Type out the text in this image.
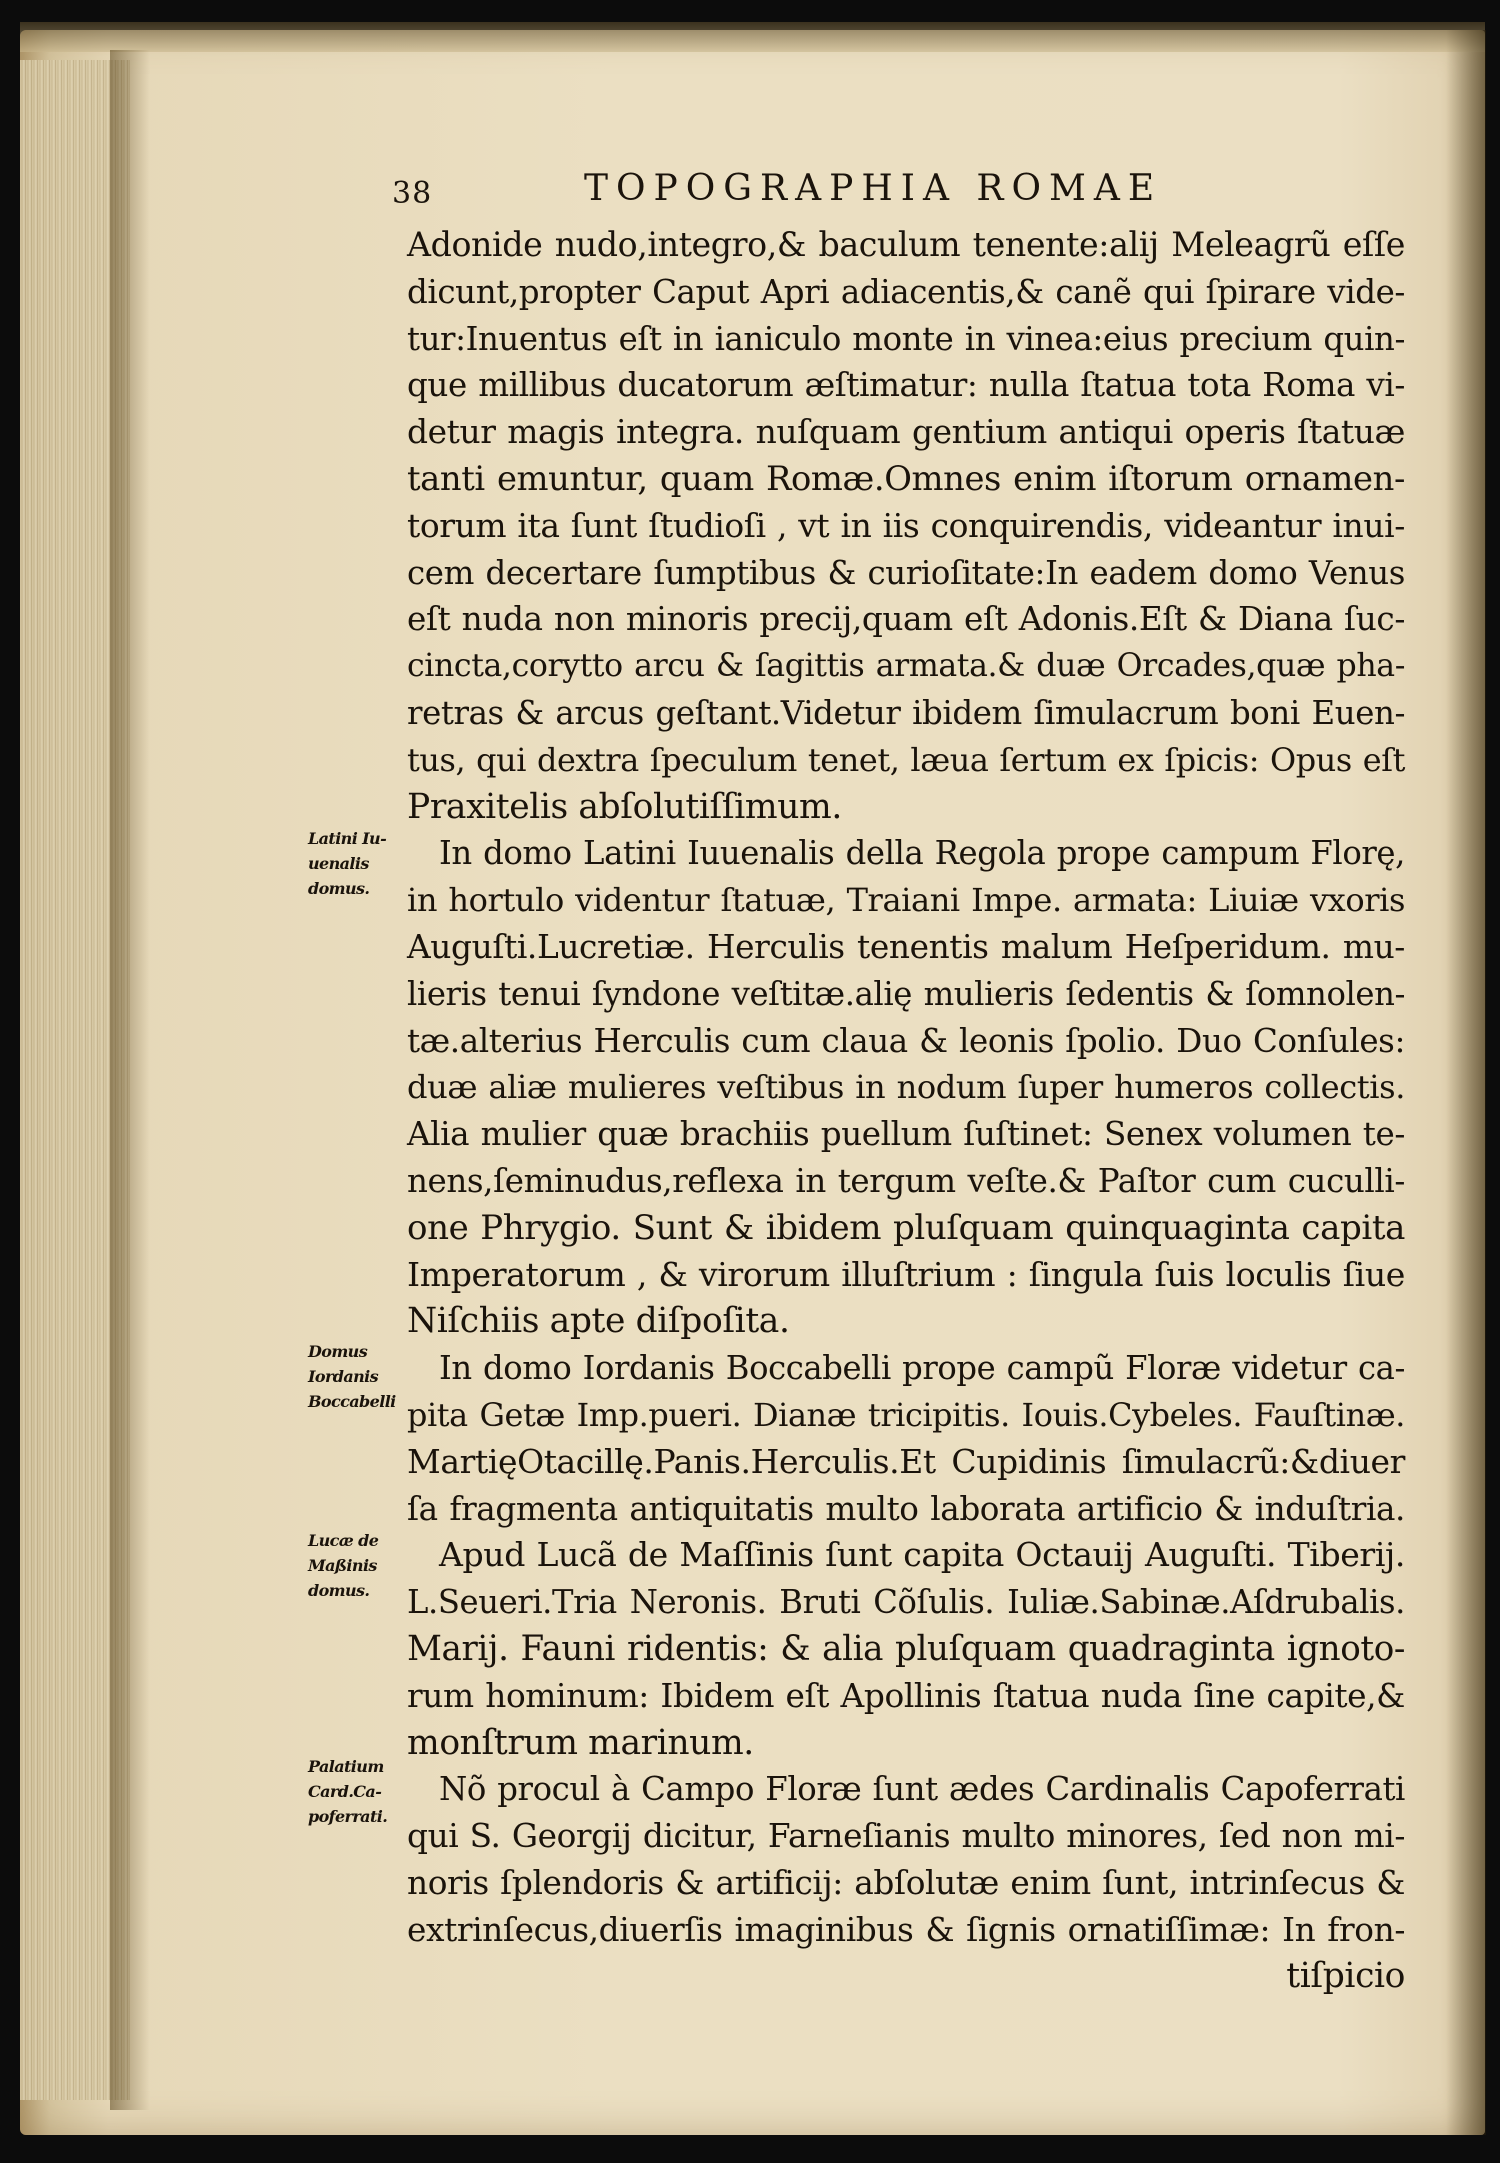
38	TOPOGRAPHIA ROMAE
Latini Iu-
uenalis
domus.
Domus
Iordanis
Boccabelli
Lucæ de
Maßinis
domus.
Palatium
Card.Ca-
poferrati.
Adonide nudo,integro,& baculum tenente:alij Meleagrũ eſſe
dicunt,propter Caput Apri adiacentis,& canẽ qui ſpirare vide-
tur:Inuentus eſt in ianiculo monte in vinea:eius precium quin-
que millibus ducatorum æſtimatur: nulla ſtatua tota Roma vi-
detur magis integra. nuſquam gentium antiqui operis ſtatuæ
tanti emuntur, quam Romæ.Omnes enim iſtorum ornamen-
torum ita ſunt ſtudioſi , vt in iis conquirendis, videantur inui-
cem decertare ſumptibus & curioſitate:In eadem domo Venus
eſt nuda non minoris precij,quam eſt Adonis.Eſt & Diana ſuc-
cincta,corytto arcu & ſagittis armata.& duæ Orcades,quæ pha-
retras & arcus geſtant.Videtur ibidem ſimulacrum boni Euen-
tus, qui dextra ſpeculum tenet, læua ſertum ex ſpicis: Opus eſt
Praxitelis abſolutiſſimum.
In domo Latini Iuuenalis della Regola prope campum Florę,
in hortulo videntur ſtatuæ, Traiani Impe. armata: Liuiæ vxoris
Auguſti.Lucretiæ. Herculis tenentis malum Heſperidum. mu-
lieris tenui ſyndone veſtitæ.alię mulieris ſedentis & ſomnolen-
tæ.alterius Herculis cum claua & leonis ſpolio. Duo Conſules:
duæ aliæ mulieres veſtibus in nodum ſuper humeros collectis.
Alia mulier quæ brachiis puellum ſuſtinet: Senex volumen te-
nens,ſeminudus,reflexa in tergum veſte.& Paſtor cum cuculli-
one Phrygio. Sunt & ibidem pluſquam quinquaginta capita
Imperatorum , & virorum illuſtrium : ſingula ſuis loculis ſiue
Niſchiis apte diſpoſita.
In domo Iordanis Boccabelli prope campũ Floræ videtur ca-
pita Getæ Imp.pueri. Dianæ tricipitis. Iouis.Cybeles. Fauſtinæ.
MartięOtacillę.Panis.Herculis.Et Cupidinis ſimulacrũ:&diuer
ſa fragmenta antiquitatis multo laborata artificio & induſtria.
Apud Lucã de Maſſinis ſunt capita Octauij Auguſti. Tiberij.
L.Seueri.Tria Neronis. Bruti Cõſulis. Iuliæ.Sabinæ.Aſdrubalis.
Marij. Fauni ridentis: & alia pluſquam quadraginta ignoto-
rum hominum: Ibidem eſt Apollinis ſtatua nuda ſine capite,&
monſtrum marinum.
Nõ procul à Campo Floræ ſunt ædes Cardinalis Capoferrati
qui S. Georgij dicitur, Farneſianis multo minores, ſed non mi-
noris ſplendoris & artificij: abſolutæ enim ſunt, intrinſecus &
extrinſecus,diuerſis imaginibus & ſignis ornatiſſimæ: In fron-
tiſpicio
